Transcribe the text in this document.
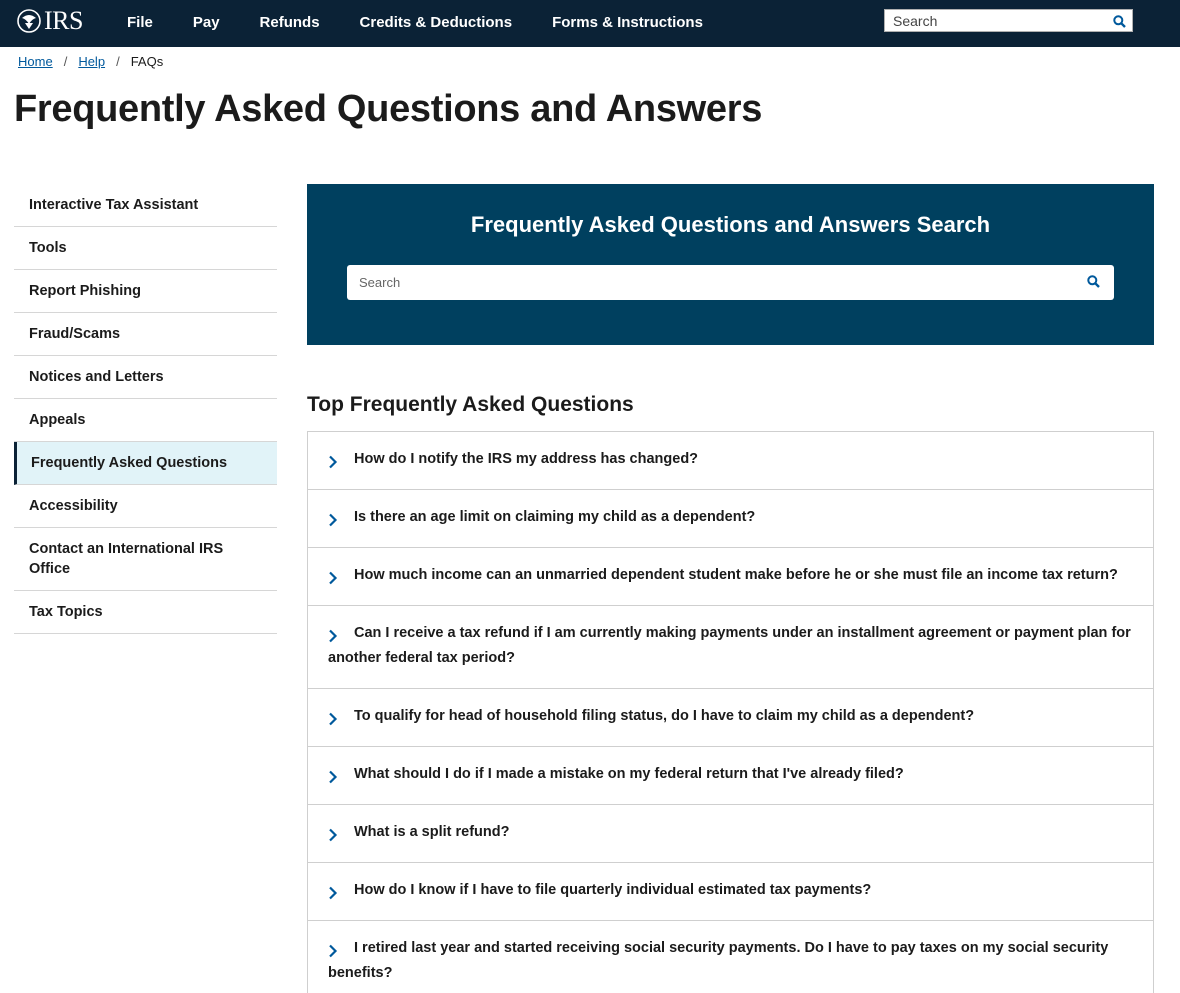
IRS	File	Pay	Refunds	Credits & Deductions	Forms & Instructions
Search
Home / Help / FAQs
Frequently Asked Questions and Answers
Interactive Tax Assistant
Tools
Report Phishing
Fraud/Scams
Notices and Letters
Appeals
Frequently Asked Questions
Accessibility
Contact an International IRS Office
Tax Topics
Frequently Asked Questions and Answers Search
Search
Top Frequently Asked Questions
How do I notify the IRS my address has changed?
Is there an age limit on claiming my child as a dependent?
How much income can an unmarried dependent student make before he or she must file an income tax return?
Can I receive a tax refund if I am currently making payments under an installment agreement or payment plan for another federal tax period?
To qualify for head of household filing status, do I have to claim my child as a dependent?
What should I do if I made a mistake on my federal return that I've already filed?
What is a split refund?
How do I know if I have to file quarterly individual estimated tax payments?
I retired last year and started receiving social security payments. Do I have to pay taxes on my social security benefits?
